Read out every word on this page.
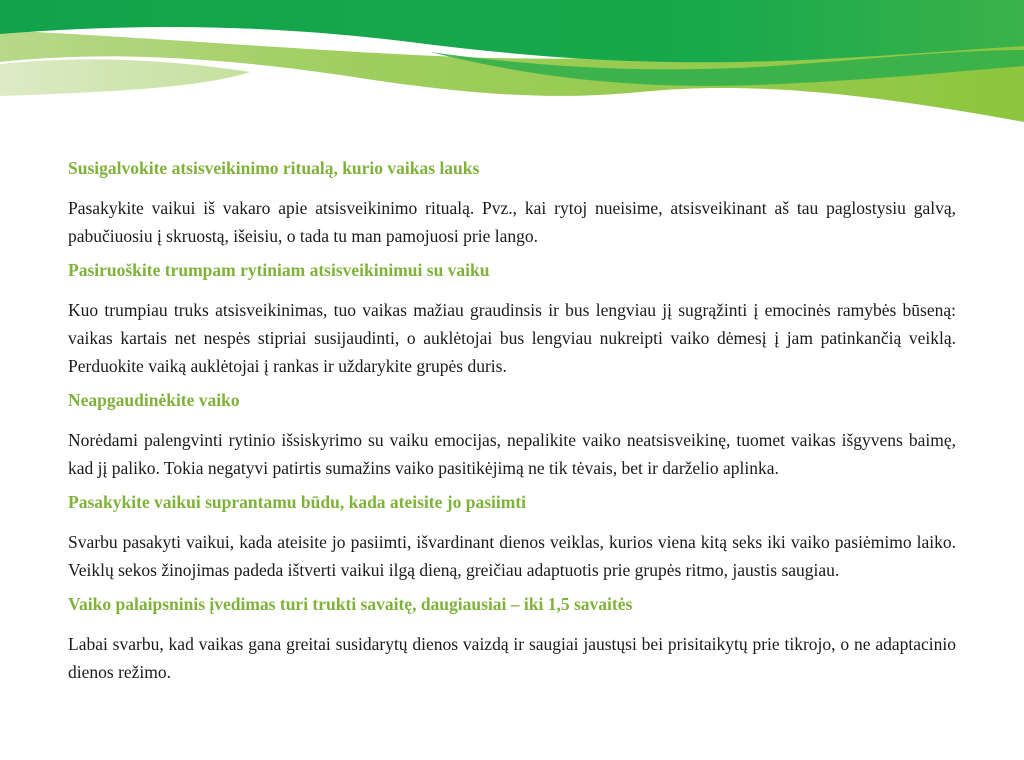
Susigalvokite atsisveikinimo ritualą, kurio vaikas lauks

Pasakykite vaikui iš vakaro apie atsisveikinimo ritualą. Pvz., kai rytoj nueisime, atsisveikinant aš tau paglostysiu galvą, pabučiuosiu į skruostą, išeisiu, o tada tu man pamojuosi prie lango.

Pasiruoškite trumpam rytiniam atsisveikinimui su vaiku

Kuo trumpiau truks atsisveikinimas, tuo vaikas mažiau graudinsis ir bus lengviau jį sugrąžinti į emocinės ramybės būseną: vaikas kartais net nespės stipriai susijaudinti, o auklėtojai bus lengviau nukreipti vaiko dėmesį į jam patinkančią veiklą. Perduokite vaiką auklėtojai į rankas ir uždarykite grupės duris.

Neapgaudinėkite vaiko

Norėdami palengvinti rytinio išsiskyrimo su vaiku emocijas, nepalikite vaiko neatsisveikinę, tuomet vaikas išgyvens baimę, kad jį paliko. Tokia negatyvi patirtis sumažins vaiko pasitikėjimą ne tik tėvais, bet ir darželio aplinka.

Pasakykite vaikui suprantamu būdu, kada ateisite jo pasiimti

Svarbu pasakyti vaikui, kada ateisite jo pasiimti, išvardinant dienos veiklas, kurios viena kitą seks iki vaiko pasiėmimo laiko. Veiklų sekos žinojimas padeda ištverti vaikui ilgą dieną, greičiau adaptuotis prie grupės ritmo, jaustis saugiau.

Vaiko palaipsninis įvedimas turi trukti savaitę, daugiausiai – iki 1,5 savaitės

Labai svarbu, kad vaikas gana greitai susidarytų dienos vaizdą ir saugiai jaustųsi bei prisitaikytų prie tikrojo, o ne adaptacinio dienos režimo.
